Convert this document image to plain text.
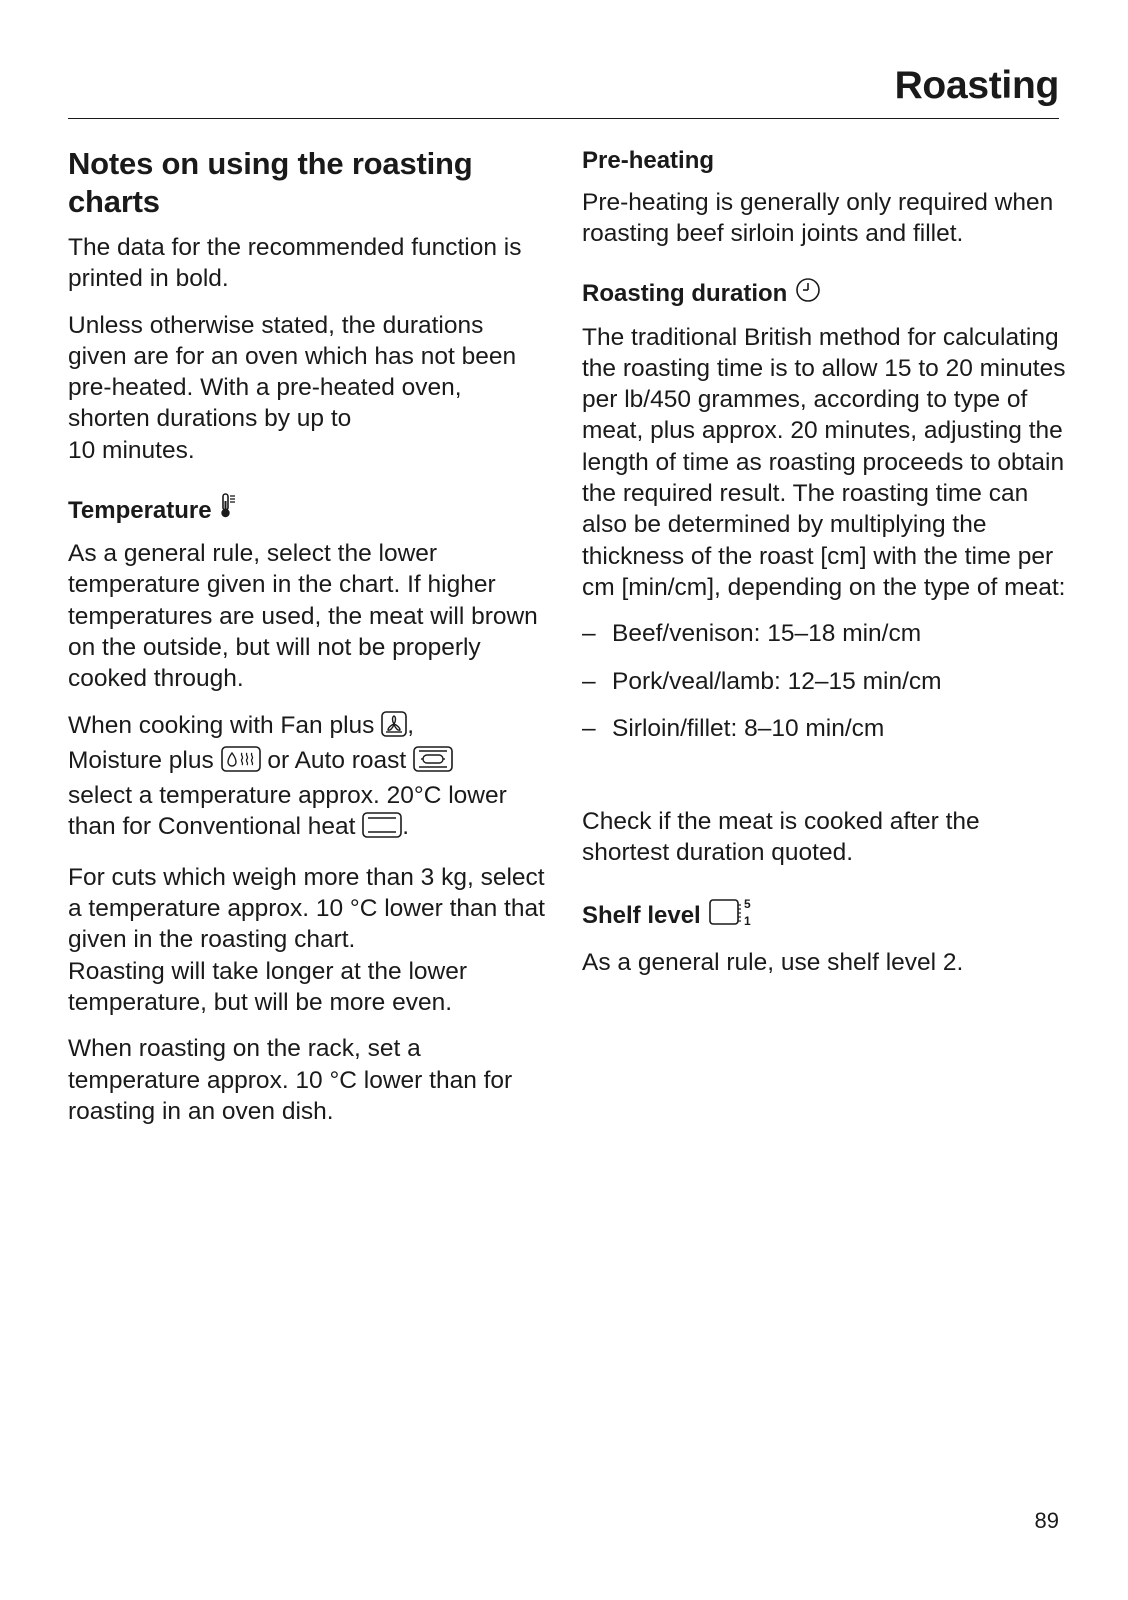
Roasting
Notes on using the roasting charts

The data for the recommended function is printed in bold.

Unless otherwise stated, the durations given are for an oven which has not been pre-heated. With a pre-heated oven, shorten durations by up to

10 minutes.

Temperature

As a general rule, select the lower temperature given in the chart. If higher temperatures are used, the meat will brown on the outside, but will not be properly cooked through.

When cooking with Fan plus ,
Moisture plus or Auto roast
select a temperature approx. 20°C lower than for Conventional heat .

For cuts which weigh more than 3 kg, select a temperature approx. 10 °C lower than that given in the roasting chart.

Roasting will take longer at the lower temperature, but will be more even.

When roasting on the rack, set a temperature approx. 10 °C lower than for roasting in an oven dish.

Pre-heating

Pre-heating is generally only required when roasting beef sirloin joints and fillet.

Roasting duration

The traditional British method for calculating the roasting time is to allow 15 to 20 minutes per lb/450 grammes, according to type of meat, plus approx. 20 minutes, adjusting the length of time as roasting proceeds to obtain the required result. The roasting time can also be determined by multiplying the thickness of the roast [cm] with the time per cm [min/cm], depending on the type of meat:

– Beef/venison: 15–18 min/cm
– Pork/veal/lamb: 12–15 min/cm
– Sirloin/fillet: 8–10 min/cm

Check if the meat is cooked after the shortest duration quoted.

Shelf level	5
1

As a general rule, use shelf level 2.

89
